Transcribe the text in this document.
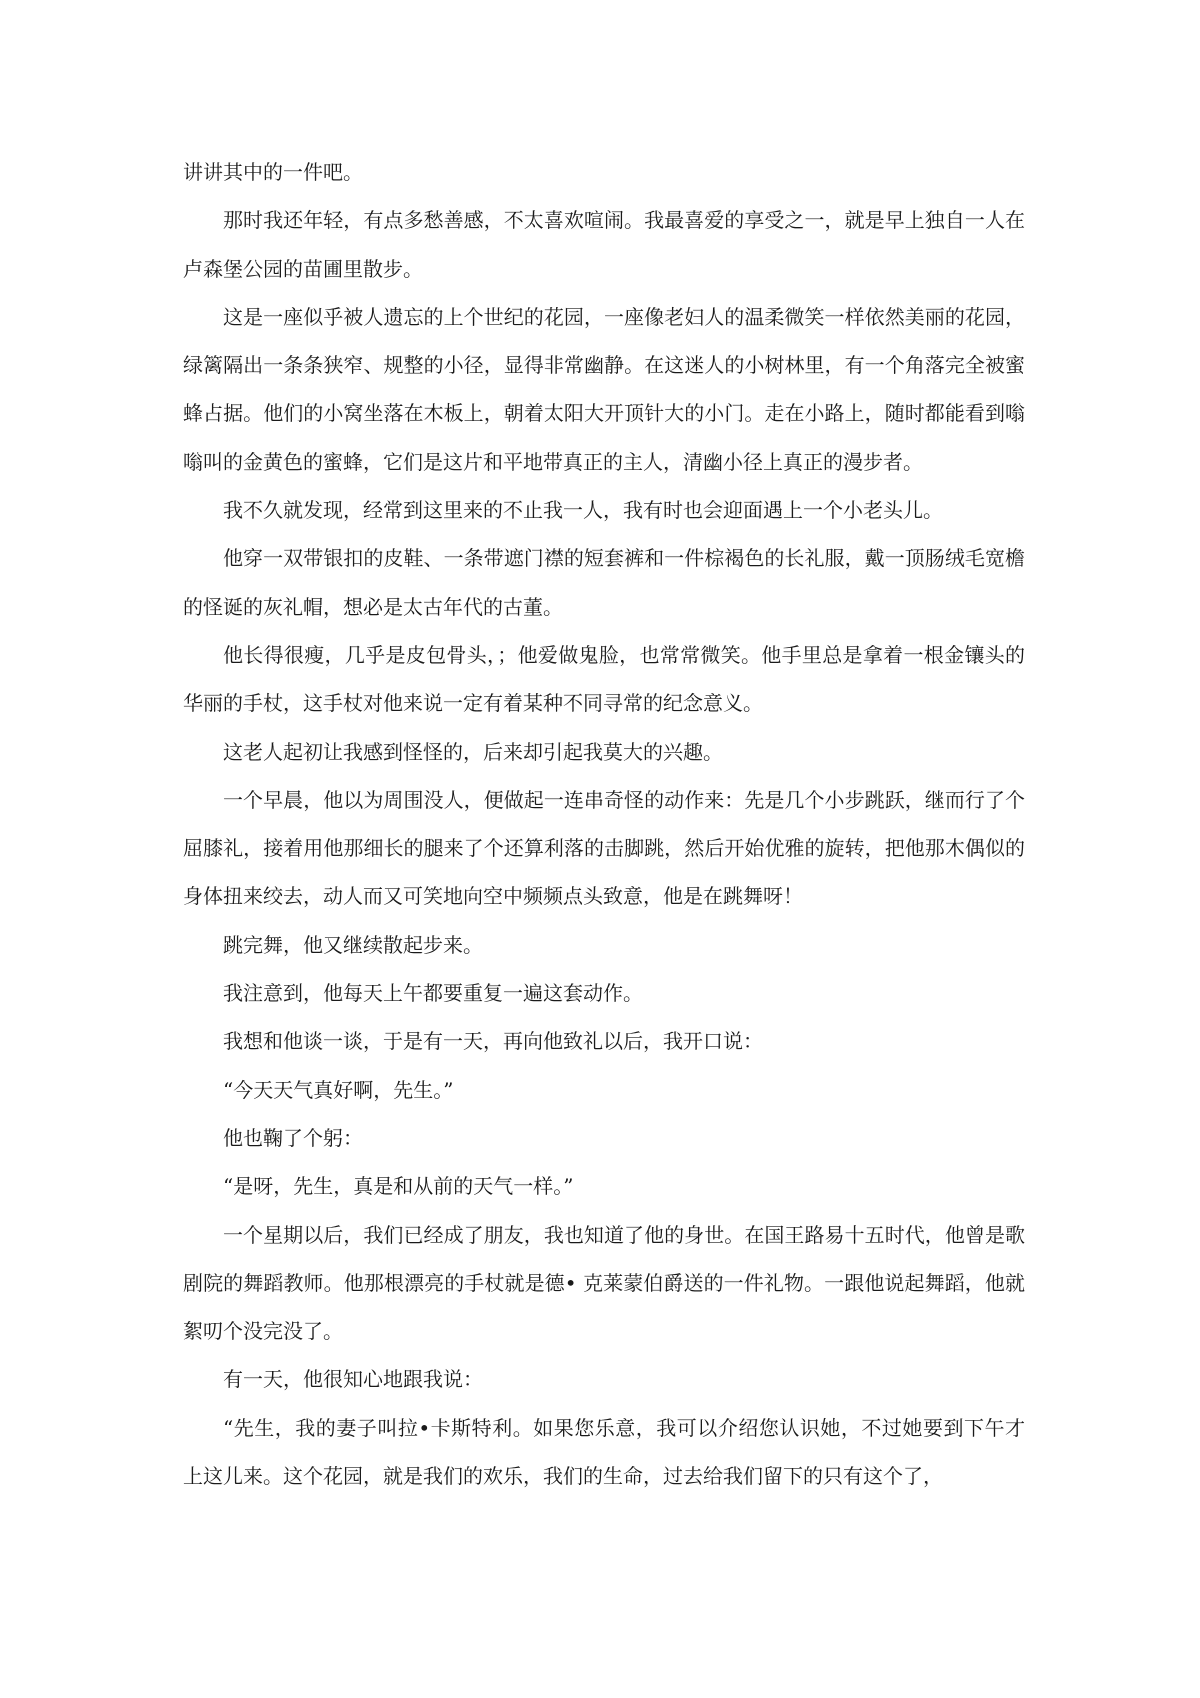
讲讲其中的一件吧。

那时我还年轻，有点多愁善感，不太喜欢喧闹。我最喜爱的享受之一，就是早上独自一人在卢森堡公园的苗圃里散步。

这是一座似乎被人遗忘的上个世纪的花园，一座像老妇人的温柔微笑一样依然美丽的花园，绿篱隔出一条条狭窄、规整的小径，显得非常幽静。在这迷人的小树林里，有一个角落完全被蜜蜂占据。他们的小窝坐落在木板上，朝着太阳大开顶针大的小门。走在小路上，随时都能看到嗡嗡叫的金黄色的蜜蜂，它们是这片和平地带真正的主人，清幽小径上真正的漫步者。

我不久就发现，经常到这里来的不止我一人，我有时也会迎面遇上一个小老头儿。

他穿一双带银扣的皮鞋、一条带遮门襟的短套裤和一件棕褐色的长礼服，戴一顶肠绒毛宽檐的怪诞的灰礼帽，想必是太古年代的古董。

他长得很瘦，几乎是皮包骨头，；他爱做鬼脸，也常常微笑。他手里总是拿着一根金镶头的华丽的手杖，这手杖对他来说一定有着某种不同寻常的纪念意义。

这老人起初让我感到怪怪的，后来却引起我莫大的兴趣。

一个早晨，他以为周围没人，便做起一连串奇怪的动作来：先是几个小步跳跃，继而行了个屈膝礼，接着用他那细长的腿来了个还算利落的击脚跳，然后开始优雅的旋转，把他那木偶似的身体扭来绞去，动人而又可笑地向空中频频点头致意，他是在跳舞呀！

跳完舞，他又继续散起步来。

我注意到，他每天上午都要重复一遍这套动作。

我想和他谈一谈，于是有一天，再向他致礼以后，我开口说：

“今天天气真好啊，先生。”

他也鞠了个躬：

“是呀，先生，真是和从前的天气一样。”

一个星期以后，我们已经成了朋友，我也知道了他的身世。在国王路易十五时代，他曾是歌剧院的舞蹈教师。他那根漂亮的手杖就是德• 克莱蒙伯爵送的一件礼物。一跟他说起舞蹈，他就絮叨个没完没了。

有一天，他很知心地跟我说：

“先生，我的妻子叫拉•卡斯特利。如果您乐意，我可以介绍您认识她，不过她要到下午才上这儿来。这个花园，就是我们的欢乐，我们的生命，过去给我们留下的只有这个了，
